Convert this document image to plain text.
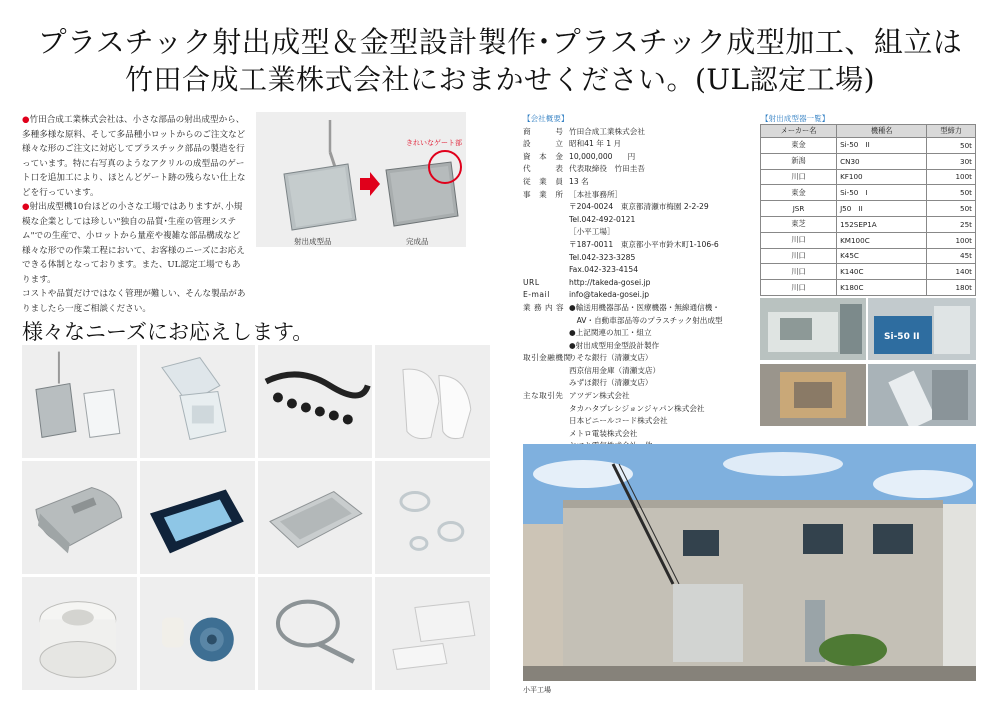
プラスチック射出成型＆金型設計製作･プラスチック成型加工、組立は
竹田合成工業株式会社におまかせください。(UL認定工場)

●竹田合成工業株式会社は、小さな部品の射出成型から、多種多様な原料、そして多品種小ロットからのご注文など様々な形のご注文に対応してプラスチック部品の製造を行っています。特に右写真のようなアクリルの成型品のゲート口を追加工により、ほとんどゲート跡の残らない仕上などを行っています。

●射出成型機10台ほどの小さな工場ではありますが､小規模な企業としては珍しい"独自の品質･生産の管理システム"での生産で、小ロットから量産や複雑な部品構成など様々な形での作業工程において、お客様のニーズにお応えできる体制となっております。また、UL認定工場でもあります。

コストや品質だけではなく管理が難しい、そんな製品がありましたら一度ご相談ください。

きれいなゲート部
射出成型品	完成品
様々なニーズにお応えします。
【会社概要】
商　　　号 竹田合成工業株式会社
設　　　立 昭和41 年 1 月
資　本　金 10,000,000　　円
代　　　表 代表取締役　竹田圭吾
従　業　員 13 名
事　業　所 ［本社事務所］
〒204-0024　東京都清瀬市梅園 2-2-29
Tel.042-492-0121
［小平工場］
〒187-0011　東京都小平市鈴木町1-106-6
Tel.042-323-3285
Fax.042-323-4154
URL	http://takeda-gosei.jp
E-mail	info@takeda-gosei.jp
業 務 内 容 ●輸送用機器部品・医療機器・無線通信機・
　AV・自動車部品等のプラスチック射出成型
●上記関連の加工・組立
●射出成型用金型設計製作
取引金融機関
りそな銀行（清瀬支店）
西京信用金庫（清瀬支店）
みずほ銀行（清瀬支店）
主な取引先 アツデン株式会社
タカハタプレシジョンジャパン株式会社
日本ビニールコード株式会社
メトロ電装株式会社
【射出成型器一覧】
メーカー名	機種名	型締力
東金	Si-50　II	50t
新潟	CN30	30t
川口	KF100	100t
東金	Si-50　I	50t
JSR	J50　II	50t
東芝	152SEP1A	25t
川口	KM100C	100t
川口	K45C	45t
川口	K140C	140t
川口	K180C	180t
Si-50 II
小平工場
